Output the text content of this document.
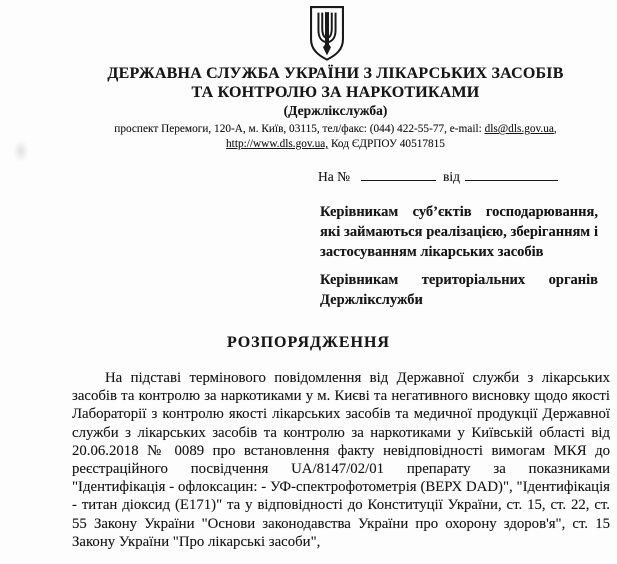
ДЕРЖАВНА СЛУЖБА УКРАЇНИ З ЛІКАРСЬКИХ ЗАСОБІВ
ТА КОНТРОЛЮ ЗА НАРКОТИКАМИ
(Держлікслужба)
проспект Перемоги, 120-А, м. Київ, 03115, тел/факс: (044) 422-55-77, e-mail: dls@dls.gov.ua,
http://www.dls.gov.ua, Код ЄДРПОУ 40517815
На №	від

Керівникам суб’єктів господарювання, які займаються реалізацією, зберіганням і застосуванням лікарських засобів

Керівникам територіальних органів Держлікслужби

РОЗПОРЯДЖЕННЯ

На підставі термінового повідомлення від Державної служби з лікарських засобів та контролю за наркотиками у м. Києві та негативного висновку щодо якості Лабораторії з контролю якості лікарських засобів та медичної продукції Державної служби з лікарських засобів та контролю за наркотиками у Київській області від 20.06.2018 № 0089 про встановлення факту невідповідності вимогам МКЯ до реєстраційного посвідчення UA/8147/02/01 препарату за показниками "Ідентифікація - офлоксацин: - УФ-спектрофотометрія (ВЕРХ DAD)", "Ідентифікація - титан діоксид (Е171)" та у відповідності до Конституції України, ст. 15, ст. 22, ст. 55 Закону України "Основи законодавства України про охорону здоров'я", ст. 15 Закону України "Про лікарські засоби",
